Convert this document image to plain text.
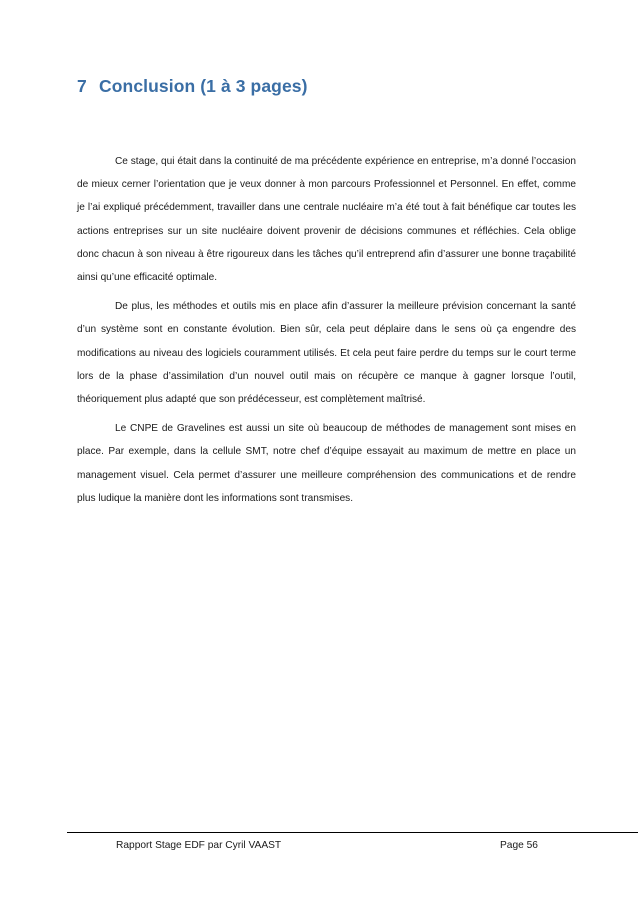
7 Conclusion (1 à 3 pages)

Ce stage, qui était dans la continuité de ma précédente expérience en entreprise, m’a donné l’occasion de mieux cerner l’orientation que je veux donner à mon parcours Professionnel et Personnel. En effet, comme je l’ai expliqué précédemment, travailler dans une centrale nucléaire m’a été tout à fait bénéfique car toutes les actions entreprises sur un site nucléaire doivent provenir de décisions communes et réfléchies. Cela oblige donc chacun à son niveau à être rigoureux dans les tâches qu’il entreprend afin d’assurer une bonne traçabilité ainsi qu’une efficacité optimale.

De plus, les méthodes et outils mis en place afin d’assurer la meilleure prévision concernant la santé d’un système sont en constante évolution. Bien sûr, cela peut déplaire dans le sens où ça engendre des modifications au niveau des logiciels couramment utilisés. Et cela peut faire perdre du temps sur le court terme lors de la phase d’assimilation d’un nouvel outil mais on récupère ce manque à gagner lorsque l’outil, théoriquement plus adapté que son prédécesseur, est complètement maîtrisé.

Le CNPE de Gravelines est aussi un site où beaucoup de méthodes de management sont mises en place. Par exemple, dans la cellule SMT, notre chef d’équipe essayait au maximum de mettre en place un management visuel. Cela permet d’assurer une meilleure compréhension des communications et de rendre plus ludique la manière dont les informations sont transmises.

Rapport Stage EDF par Cyril VAAST	Page 56
